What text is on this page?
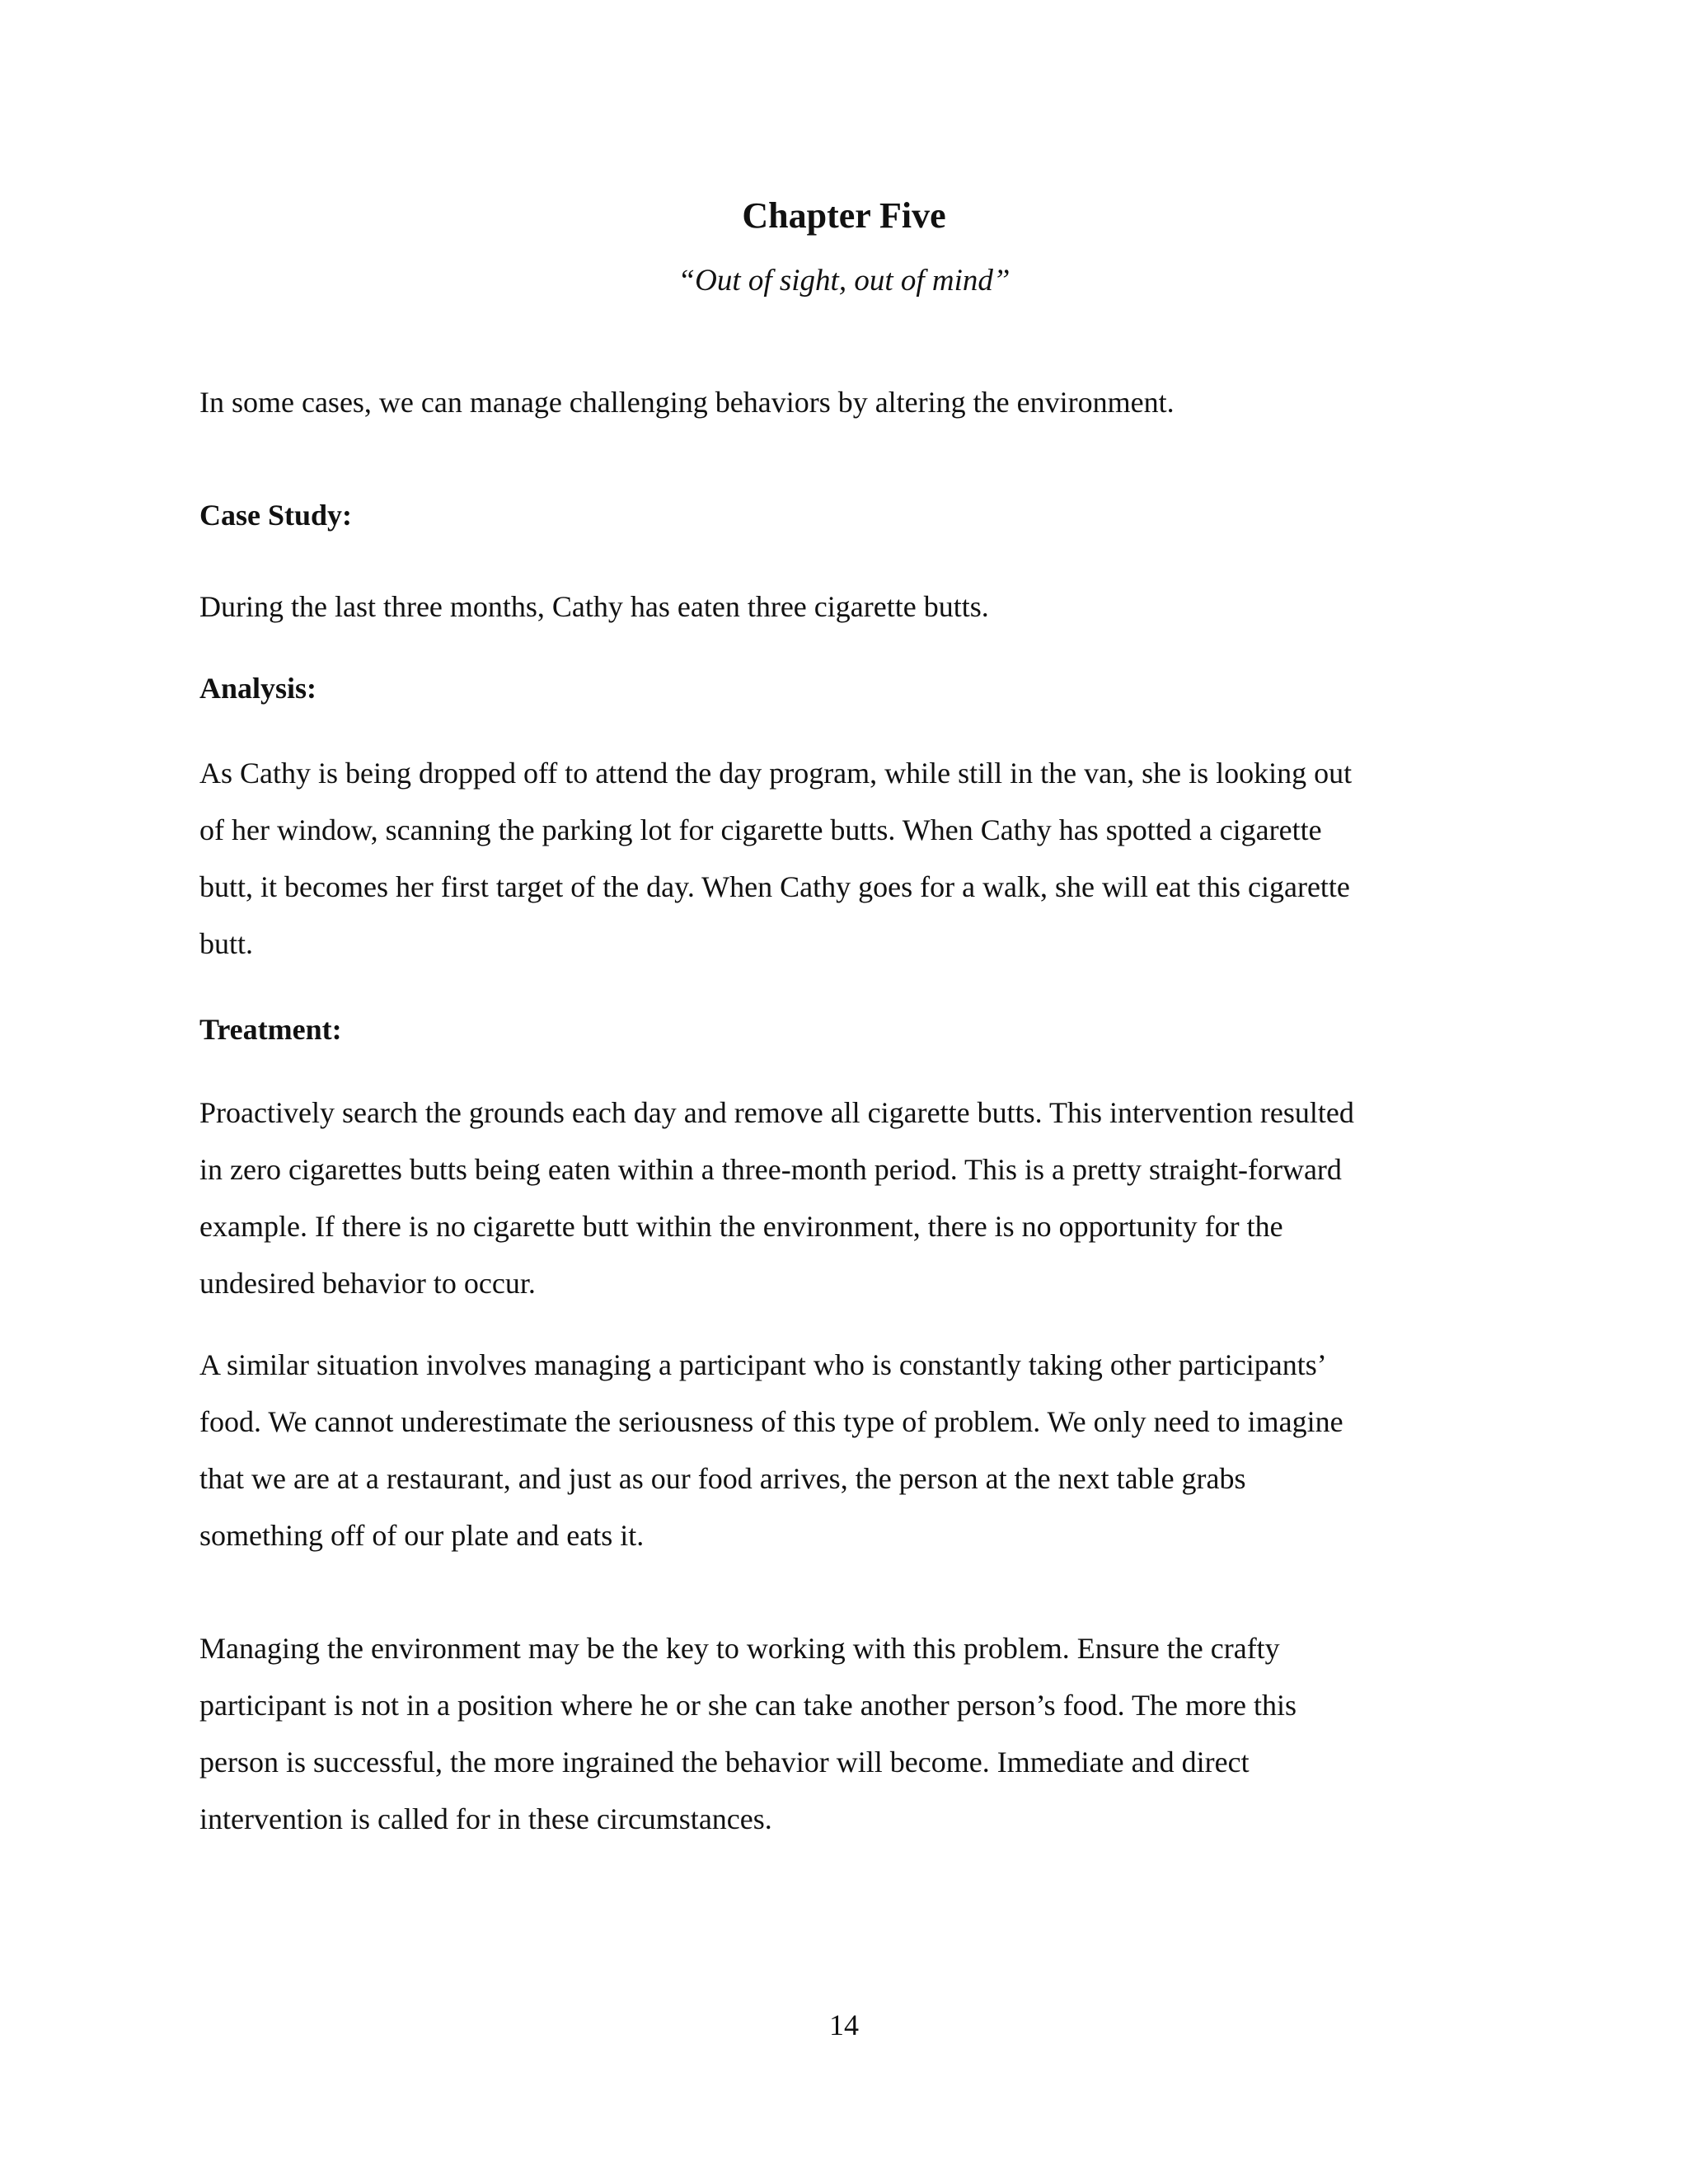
Chapter Five

“Out of sight, out of mind”

In some cases, we can manage challenging behaviors by altering the environment.

Case Study:

During the last three months, Cathy has eaten three cigarette butts.

Analysis:

As Cathy is being dropped off to attend the day program, while still in the van, she is looking out
of her window, scanning the parking lot for cigarette butts. When Cathy has spotted a cigarette
butt, it becomes her first target of the day. When Cathy goes for a walk, she will eat this cigarette
butt.

Treatment:

Proactively search the grounds each day and remove all cigarette butts. This intervention resulted
in zero cigarettes butts being eaten within a three-month period. This is a pretty straight-forward
example. If there is no cigarette butt within the environment, there is no opportunity for the
undesired behavior to occur.

A similar situation involves managing a participant who is constantly taking other participants’
food. We cannot underestimate the seriousness of this type of problem. We only need to imagine
that we are at a restaurant, and just as our food arrives, the person at the next table grabs
something off of our plate and eats it.

Managing the environment may be the key to working with this problem. Ensure the crafty
participant is not in a position where he or she can take another person’s food. The more this
person is successful, the more ingrained the behavior will become. Immediate and direct
intervention is called for in these circumstances.

14
